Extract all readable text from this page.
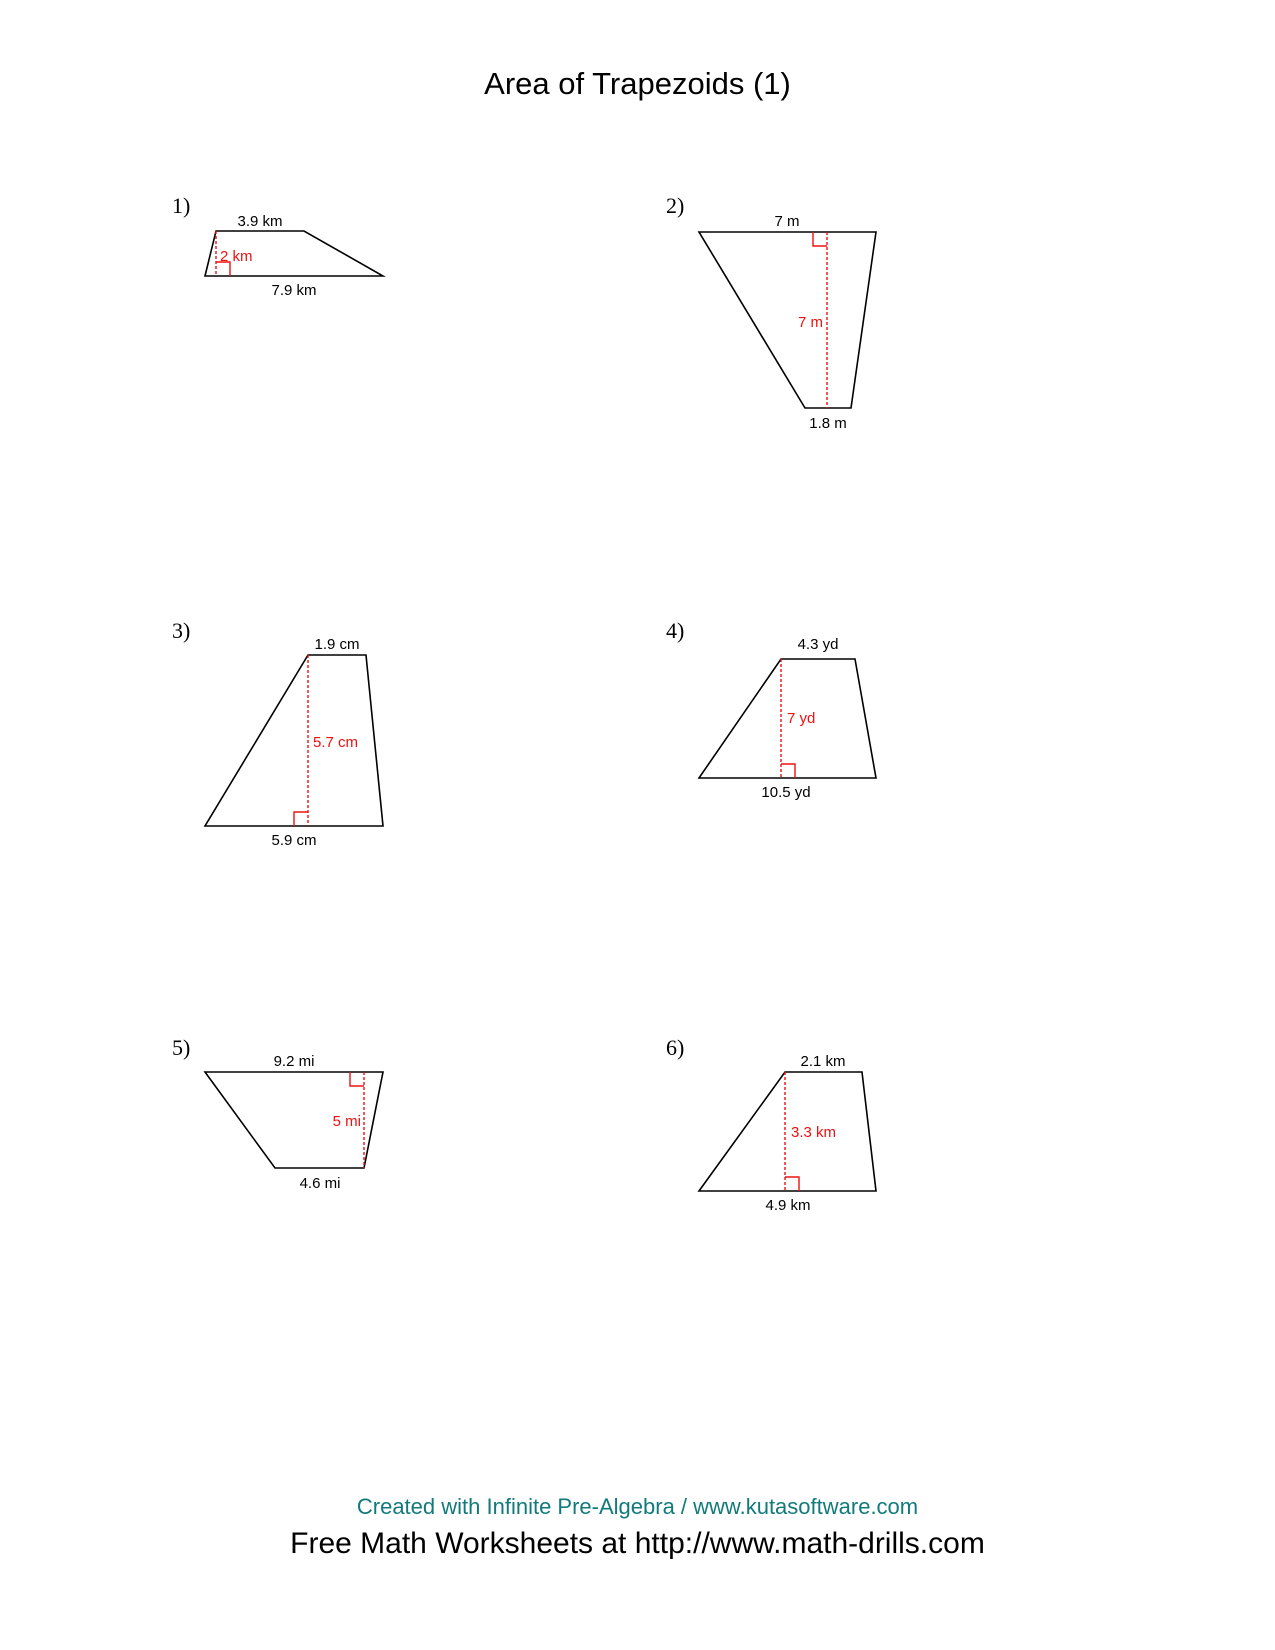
Area of Trapezoids (1)
1)	2)
3)	4)
5)	6)
3.9 km
2 km
7.9 km
7 m
7 m
1.8 m
1.9 cm
5.7 cm
5.9 cm
4.3 yd
7 yd
10.5 yd
9.2 mi
5 mi
4.6 mi
2.1 km
3.3 km
4.9 km
Created with Infinite Pre-Algebra / www.kutasoftware.com
Free Math Worksheets at http://www.math-drills.com
